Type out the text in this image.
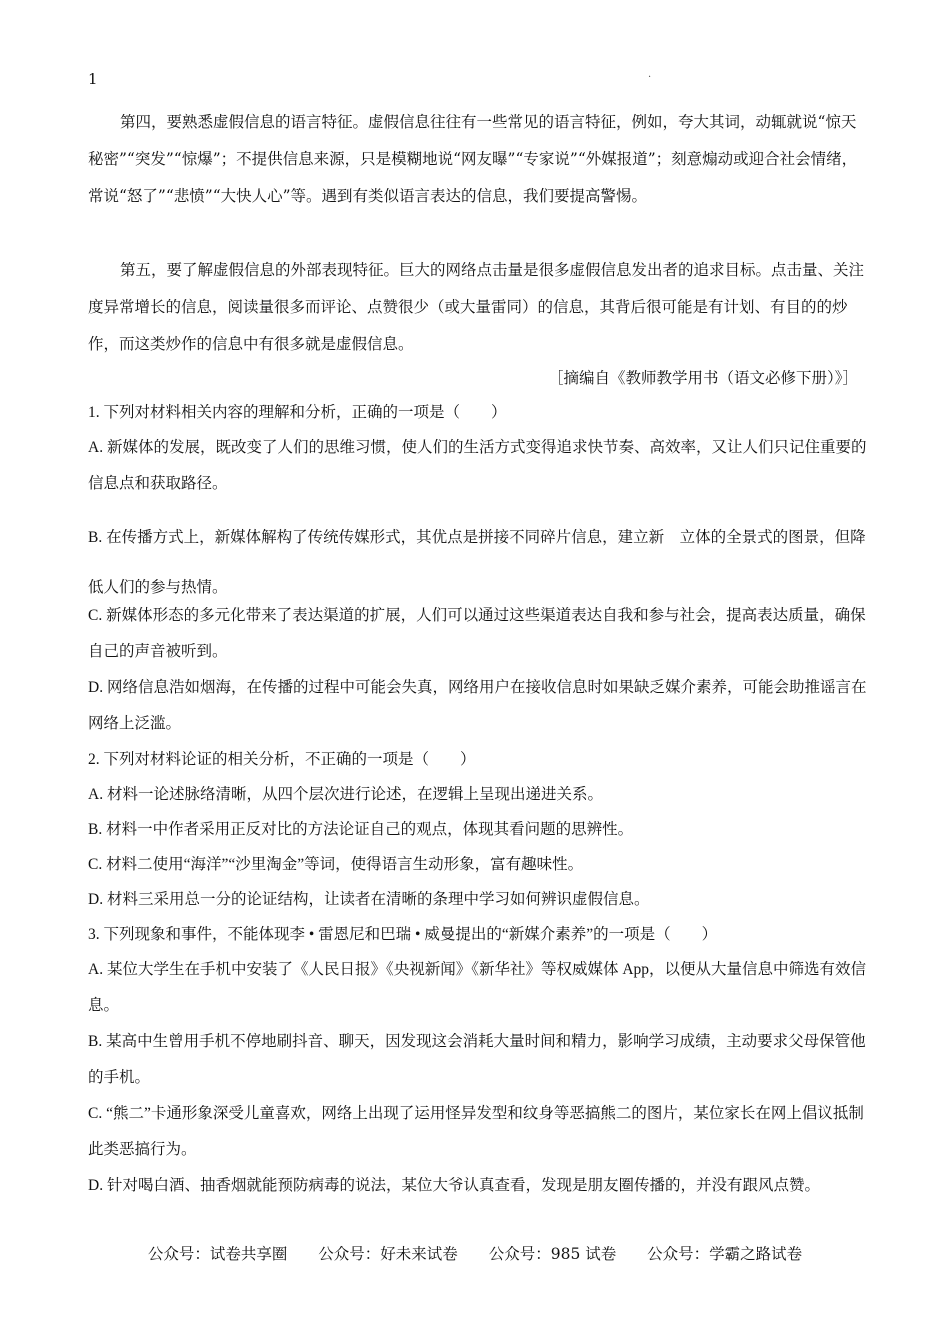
1	·

第四，要熟悉虚假信息的语言特征。虚假信息往往有一些常见的语言特征，例如，夸大其词，动辄就说“惊天秘密”“突发”“惊爆”；不提供信息来源，只是模糊地说“网友曝”“专家说”“外媒报道”；刻意煽动或迎合社会情绪，常说“怒了”“悲愤”“大快人心”等。遇到有类似语言表达的信息，我们要提高警惕。

第五，要了解虚假信息的外部表现特征。巨大的网络点击量是很多虚假信息发出者的追求目标。点击量、关注度异常增长的信息，阅读量很多而评论、点赞很少（或大量雷同）的信息，其背后很可能是有计划、有目的的炒作，而这类炒作的信息中有很多就是虚假信息。

［摘编自《教师教学用书（语文必修下册）》］

1. 下列对材料相关内容的理解和分析，正确的一项是（　　）

A. 新媒体的发展，既改变了人们的思维习惯，使人们的生活方式变得追求快节奏、高效率，又让人们只记住重要的信息点和获取路径。

B. 在传播方式上，新媒体解构了传统传媒形式，其优点是拼接不同碎片信息，建立新　立体的全景式的图景，但降低人们的参与热情。

C. 新媒体形态的多元化带来了表达渠道的扩展，人们可以通过这些渠道表达自我和参与社会，提高表达质量，确保自己的声音被听到。

D. 网络信息浩如烟海，在传播的过程中可能会失真，网络用户在接收信息时如果缺乏媒介素养，可能会助推谣言在网络上泛滥。

2. 下列对材料论证的相关分析，不正确的一项是（　　）

A. 材料一论述脉络清晰，从四个层次进行论述，在逻辑上呈现出递进关系。

B. 材料一中作者采用正反对比的方法论证自己的观点，体现其看问题的思辨性。

C. 材料二使用“海洋”“沙里淘金”等词，使得语言生动形象，富有趣味性。

D. 材料三采用总一分的论证结构，让读者在清晰的条理中学习如何辨识虚假信息。

3. 下列现象和事件，不能体现李 • 雷恩尼和巴瑞 • 威曼提出的“新媒介素养”的一项是（　　）

A. 某位大学生在手机中安装了《人民日报》《央视新闻》《新华社》等权威媒体 App，以便从大量信息中筛选有效信息。

B. 某高中生曾用手机不停地刷抖音、聊天，因发现这会消耗大量时间和精力，影响学习成绩，主动要求父母保管他的手机。

C. “熊二”卡通形象深受儿童喜欢，网络上出现了运用怪异发型和纹身等恶搞熊二的图片，某位家长在网上倡议抵制此类恶搞行为。

D. 针对喝白酒、抽香烟就能预防病毒的说法，某位大爷认真查看，发现是朋友圈传播的，并没有跟风点赞。

公众号：试卷共享圈 公众号：好未来试卷 公众号：985 试卷 公众号：学霸之路试卷
